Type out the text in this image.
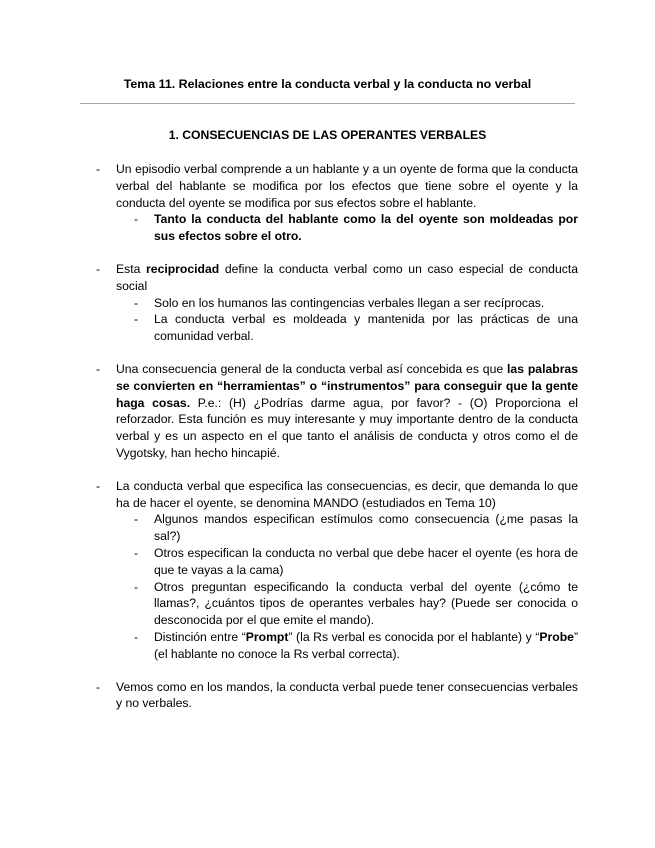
Tema 11. Relaciones entre la conducta verbal y la conducta no verbal
1. CONSECUENCIAS DE LAS OPERANTES VERBALES
- Un episodio verbal comprende a un hablante y a un oyente de forma que la conducta verbal del hablante se modifica por los efectos que tiene sobre el oyente y la conducta del oyente se modifica por sus efectos sobre el hablante.
- Tanto la conducta del hablante como la del oyente son moldeadas por sus efectos sobre el otro.
- Esta reciprocidad define la conducta verbal como un caso especial de conducta social
- Solo en los humanos las contingencias verbales llegan a ser recíprocas.
- La conducta verbal es moldeada y mantenida por las prácticas de una comunidad verbal.
- Una consecuencia general de la conducta verbal así concebida es que las palabras se convierten en “herramientas” o “instrumentos” para conseguir que la gente haga cosas. P.e.: (H) ¿Podrías darme agua, por favor? - (O) Proporciona el reforzador. Esta función es muy interesante y muy importante dentro de la conducta verbal y es un aspecto en el que tanto el análisis de conducta y otros como el de Vygotsky, han hecho hincapié.
- La conducta verbal que especifica las consecuencias, es decir, que demanda lo que ha de hacer el oyente, se denomina MANDO (estudiados en Tema 10)
- Algunos mandos especifican estímulos como consecuencia (¿me pasas la sal?)
- Otros especifican la conducta no verbal que debe hacer el oyente (es hora de que te vayas a la cama)
- Otros preguntan especificando la conducta verbal del oyente (¿cómo te llamas?, ¿cuántos tipos de operantes verbales hay? (Puede ser conocida o desconocida por el que emite el mando).
- Distinción entre “Prompt” (la Rs verbal es conocida por el hablante) y “Probe” (el hablante no conoce la Rs verbal correcta).
- Vemos como en los mandos, la conducta verbal puede tener consecuencias verbales y no verbales.
